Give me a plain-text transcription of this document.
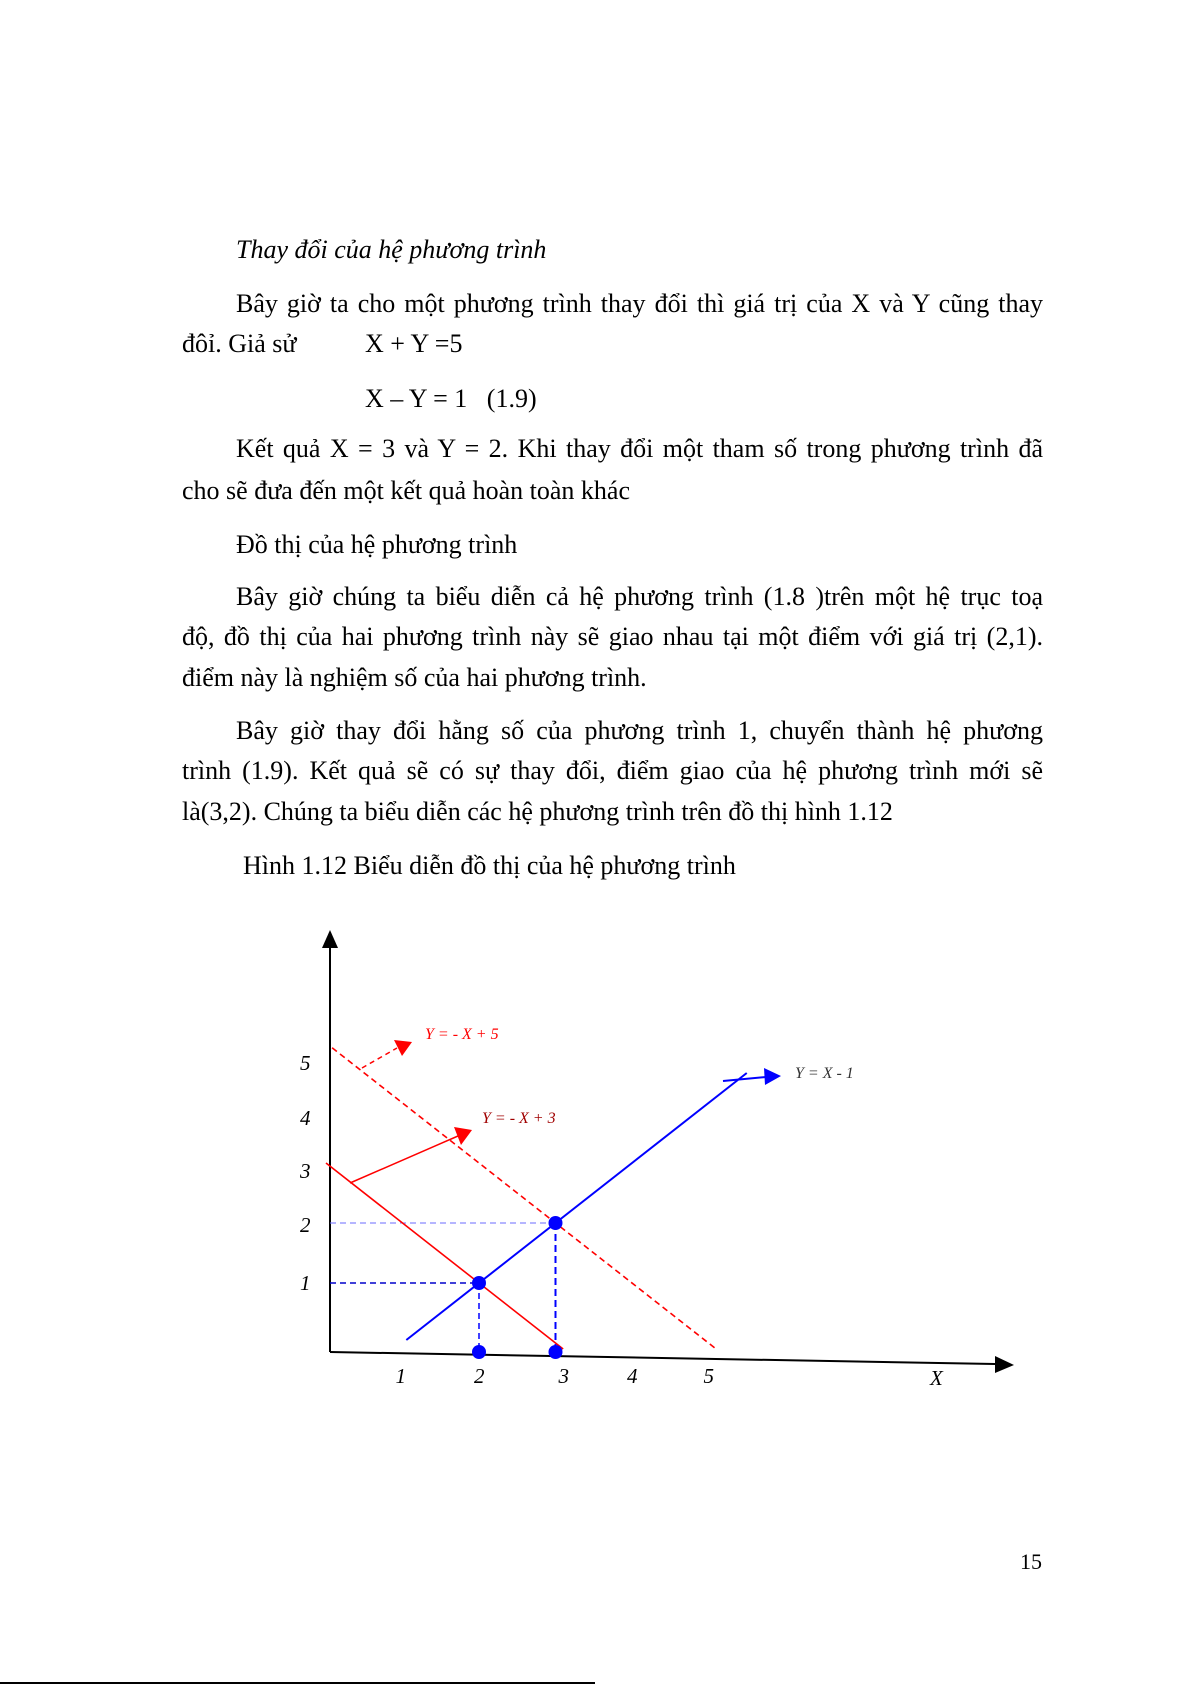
Thay đổi của hệ phương trình
Bây giờ ta cho một phương trình thay đổi thì giá trị của X và Y cũng thay
đôỉ. Giả sử	X + Y =5
X – Y = 1   (1.9)
Kết quả X = 3 và Y = 2. Khi thay đổi một tham số trong phương trình đã
cho sẽ đưa đến một kết quả hoàn toàn khác
Đồ thị của hệ phương trình
Bây giờ chúng ta biểu diễn cả hệ phương trình (1.8 )trên một hệ trục toạ
độ, đồ thị của hai phương trình này sẽ giao nhau tại một điểm với giá trị (2,1).
điểm này là nghiệm số của hai phương trình.
Bây giờ thay đổi hằng số của phương trình 1, chuyển thành hệ phương
trình (1.9). Kết quả sẽ có sự thay đổi, điểm giao của hệ phương trình mới sẽ
là(3,2). Chúng ta biểu diễn các hệ phương trình trên đồ thị hình 1.12
Hình 1.12 Biểu diễn đồ thị của hệ phương trình
1	2	3	4	5
1
2
3
4
5
X
Y = - X + 5
Y = - X + 3
Y = X - 1
15
